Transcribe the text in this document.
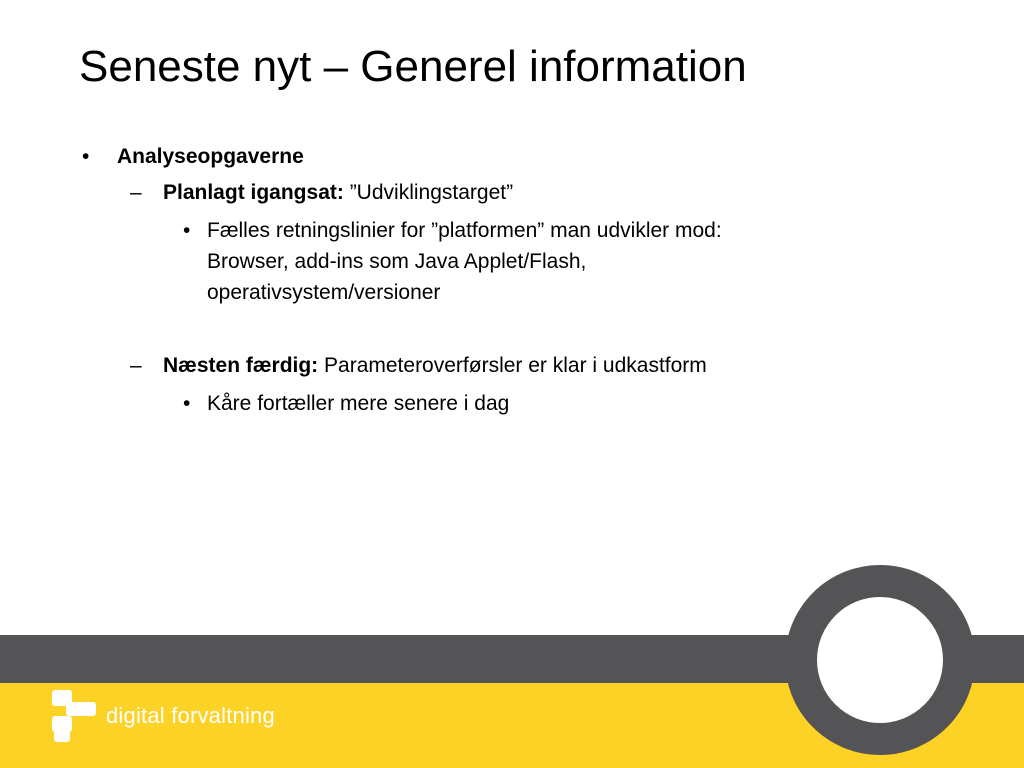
Seneste nyt – Generel information
• Analyseopgaverne
– Planlagt igangsat: ”Udviklingstarget”
• Fælles retningslinier for ”platformen” man udvikler mod:
Browser, add-ins som Java Applet/Flash,
operativsystem/versioner
– Næsten færdig: Parameteroverførsler er klar i udkastform
• Kåre fortæller mere senere i dag
digital forvaltning
